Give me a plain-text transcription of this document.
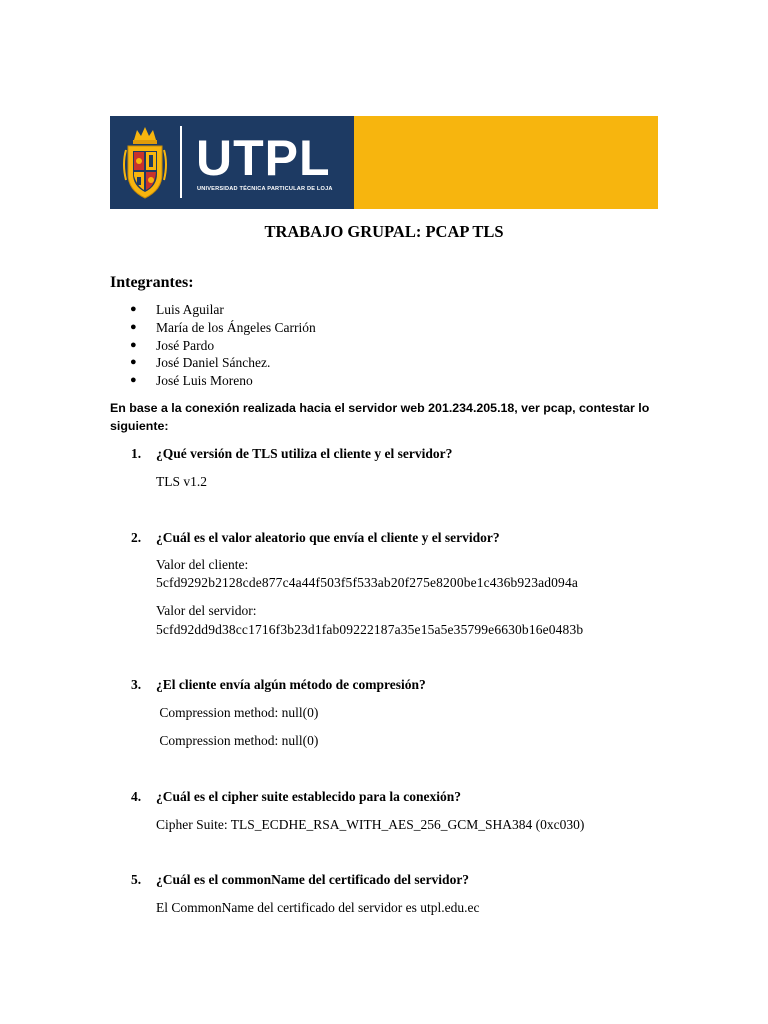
UTPL
UNIVERSIDAD TÉCNICA PARTICULAR DE LOJA
TRABAJO GRUPAL: PCAP TLS
Integrantes:
● Luis Aguilar
● María de los Ángeles Carrión
● José Pardo
● José Daniel Sánchez.
● José Luis Moreno
En base a la conexión realizada hacia el servidor web 201.234.205.18, ver pcap, contestar lo siguiente:
1. ¿Qué versión de TLS utiliza el cliente y el servidor?
TLS v1.2
2. ¿Cuál es el valor aleatorio que envía el cliente y el servidor?
Valor del cliente:
5cfd9292b2128cde877c4a44f503f5f533ab20f275e8200be1c436b923ad094a
Valor del servidor:
5cfd92dd9d38cc1716f3b23d1fab09222187a35e15a5e35799e6630b16e0483b
3. ¿El cliente envía algún método de compresión?
Compression method: null(0)
Compression method: null(0)
4. ¿Cuál es el cipher suite establecido para la conexión?
Cipher Suite: TLS_ECDHE_RSA_WITH_AES_256_GCM_SHA384 (0xc030)
5. ¿Cuál es el commonName del certificado del servidor?
El CommonName del certificado del servidor es utpl.edu.ec
